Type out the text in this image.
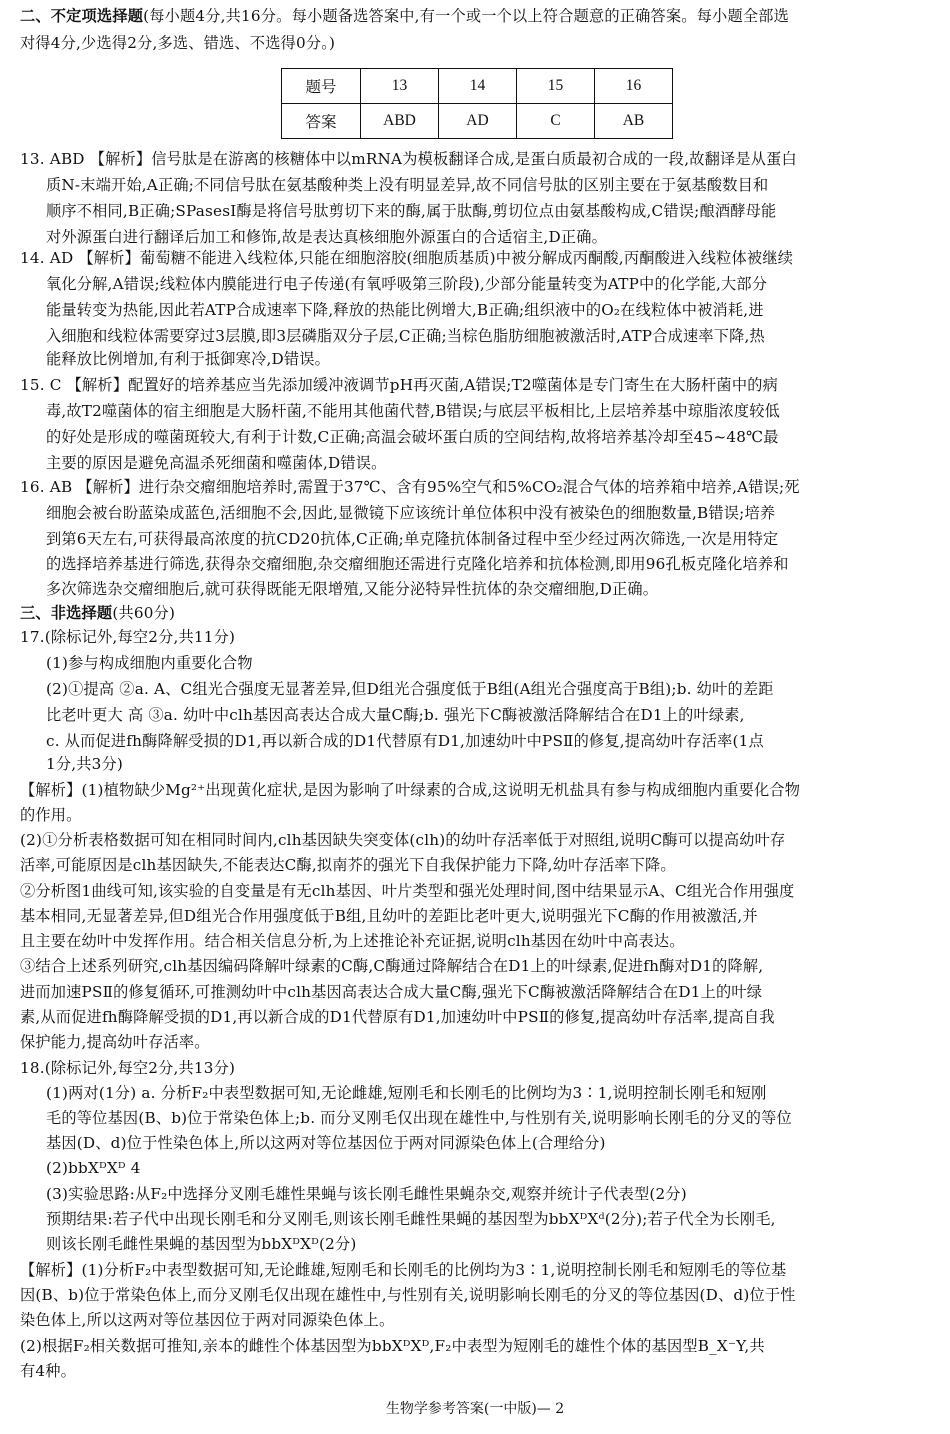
二、不定项选择题(每小题4分,共16分。每小题备选答案中,有一个或一个以上符合题意的正确答案。每小题全部选
对得4分,少选得2分,多选、错选、不选得0分。)
题号	13	14	15	16
答案	ABD	AD	C	AB
13. ABD 【解析】信号肽是在游离的核糖体中以mRNA为模板翻译合成,是蛋白质最初合成的一段,故翻译是从蛋白
质N-末端开始,A正确;不同信号肽在氨基酸种类上没有明显差异,故不同信号肽的区别主要在于氨基酸数目和
顺序不相同,B正确;SPasesⅠ酶是将信号肽剪切下来的酶,属于肽酶,剪切位点由氨基酸构成,C错误;酿酒酵母能
对外源蛋白进行翻译后加工和修饰,故是表达真核细胞外源蛋白的合适宿主,D正确。
14. AD 【解析】葡萄糖不能进入线粒体,只能在细胞溶胶(细胞质基质)中被分解成丙酮酸,丙酮酸进入线粒体被继续
氧化分解,A错误;线粒体内膜能进行电子传递(有氧呼吸第三阶段),少部分能量转变为ATP中的化学能,大部分
能量转变为热能,因此若ATP合成速率下降,释放的热能比例增大,B正确;组织液中的O₂在线粒体中被消耗,进
入细胞和线粒体需要穿过3层膜,即3层磷脂双分子层,C正确;当棕色脂肪细胞被激活时,ATP合成速率下降,热
能释放比例增加,有利于抵御寒冷,D错误。
15. C 【解析】配置好的培养基应当先添加缓冲液调节pH再灭菌,A错误;T2噬菌体是专门寄生在大肠杆菌中的病
毒,故T2噬菌体的宿主细胞是大肠杆菌,不能用其他菌代替,B错误;与底层平板相比,上层培养基中琼脂浓度较低
的好处是形成的噬菌斑较大,有利于计数,C正确;高温会破坏蛋白质的空间结构,故将培养基冷却至45~48℃最
主要的原因是避免高温杀死细菌和噬菌体,D错误。
16. AB 【解析】进行杂交瘤细胞培养时,需置于37℃、含有95%空气和5%CO₂混合气体的培养箱中培养,A错误;死
细胞会被台盼蓝染成蓝色,活细胞不会,因此,显微镜下应该统计单位体积中没有被染色的细胞数量,B错误;培养
到第6天左右,可获得最高浓度的抗CD20抗体,C正确;单克隆抗体制备过程中至少经过两次筛选,一次是用特定
的选择培养基进行筛选,获得杂交瘤细胞,杂交瘤细胞还需进行克隆化培养和抗体检测,即用96孔板克隆化培养和
多次筛选杂交瘤细胞后,就可获得既能无限增殖,又能分泌特异性抗体的杂交瘤细胞,D正确。
三、非选择题(共60分)
17.(除标记外,每空2分,共11分)
(1)参与构成细胞内重要化合物
(2)①提高 ②a. A、C组光合强度无显著差异,但D组光合强度低于B组(A组光合强度高于B组);b. 幼叶的差距
比老叶更大 高 ③a. 幼叶中clh基因高表达合成大量C酶;b. 强光下C酶被激活降解结合在D1上的叶绿素,
c. 从而促进fh酶降解受损的D1,再以新合成的D1代替原有D1,加速幼叶中PSⅡ的修复,提高幼叶存活率(1点
1分,共3分)
【解析】(1)植物缺少Mg²⁺出现黄化症状,是因为影响了叶绿素的合成,这说明无机盐具有参与构成细胞内重要化合物
的作用。
(2)①分析表格数据可知在相同时间内,clh基因缺失突变体(clh)的幼叶存活率低于对照组,说明C酶可以提高幼叶存
活率,可能原因是clh基因缺失,不能表达C酶,拟南芥的强光下自我保护能力下降,幼叶存活率下降。
②分析图1曲线可知,该实验的自变量是有无clh基因、叶片类型和强光处理时间,图中结果显示A、C组光合作用强度
基本相同,无显著差异,但D组光合作用强度低于B组,且幼叶的差距比老叶更大,说明强光下C酶的作用被激活,并
且主要在幼叶中发挥作用。结合相关信息分析,为上述推论补充证据,说明clh基因在幼叶中高表达。
③结合上述系列研究,clh基因编码降解叶绿素的C酶,C酶通过降解结合在D1上的叶绿素,促进fh酶对D1的降解,
进而加速PSⅡ的修复循环,可推测幼叶中clh基因高表达合成大量C酶,强光下C酶被激活降解结合在D1上的叶绿
素,从而促进fh酶降解受损的D1,再以新合成的D1代替原有D1,加速幼叶中PSⅡ的修复,提高幼叶存活率,提高自我
保护能力,提高幼叶存活率。
18.(除标记外,每空2分,共13分)
(1)两对(1分) a. 分析F₂中表型数据可知,无论雌雄,短刚毛和长刚毛的比例均为3∶1,说明控制长刚毛和短刚
毛的等位基因(B、b)位于常染色体上;b. 而分叉刚毛仅出现在雄性中,与性别有关,说明影响长刚毛的分叉的等位
基因(D、d)位于性染色体上,所以这两对等位基因位于两对同源染色体上(合理给分)
(2)bbXᴰXᴰ 4
(3)实验思路:从F₂中选择分叉刚毛雄性果蝇与该长刚毛雌性果蝇杂交,观察并统计子代表型(2分)
预期结果:若子代中出现长刚毛和分叉刚毛,则该长刚毛雌性果蝇的基因型为bbXᴰXᵈ(2分);若子代全为长刚毛,
则该长刚毛雌性果蝇的基因型为bbXᴰXᴰ(2分)
【解析】(1)分析F₂中表型数据可知,无论雌雄,短刚毛和长刚毛的比例均为3∶1,说明控制长刚毛和短刚毛的等位基
因(B、b)位于常染色体上,而分叉刚毛仅出现在雄性中,与性别有关,说明影响长刚毛的分叉的等位基因(D、d)位于性
染色体上,所以这两对等位基因位于两对同源染色体上。
(2)根据F₂相关数据可推知,亲本的雌性个体基因型为bbXᴰXᴰ,F₂中表型为短刚毛的雄性个体的基因型B_X⁻Y,共
有4种。
生物学参考答案(一中版)— 2
